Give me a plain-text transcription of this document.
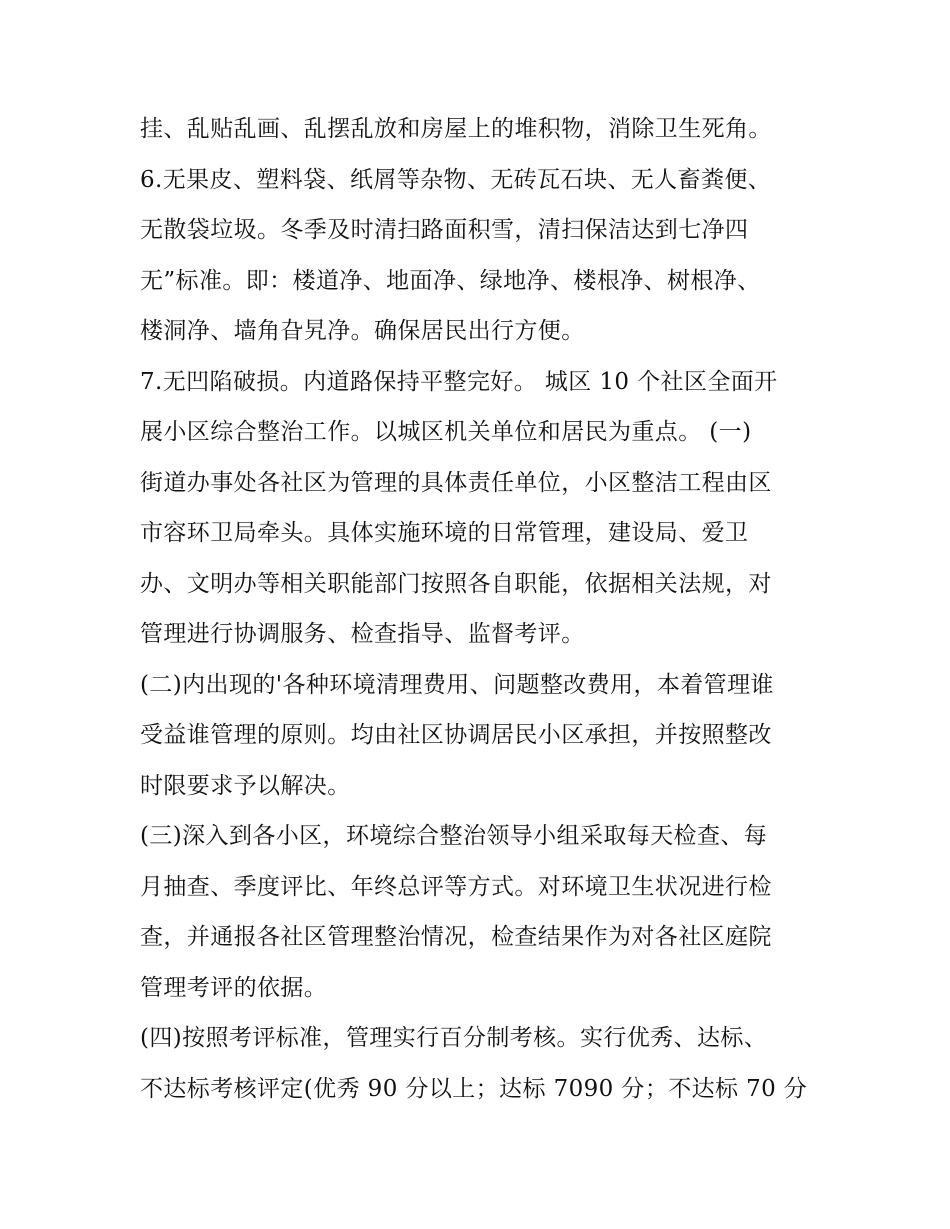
挂、乱贴乱画、乱摆乱放和房屋上的堆积物，消除卫生死角。
6.无果皮、塑料袋、纸屑等杂物、无砖瓦石块、无人畜粪便、
无散袋垃圾。冬季及时清扫路面积雪，清扫保洁达到七净四
无”标准。即：楼道净、地面净、绿地净、楼根净、树根净、
楼洞净、墙角旮旯净。确保居民出行方便。
7.无凹陷破损。内道路保持平整完好。 城区 10 个社区全面开
展小区综合整治工作。以城区机关单位和居民为重点。 (一)
街道办事处各社区为管理的具体责任单位，小区整洁工程由区
市容环卫局牵头。具体实施环境的日常管理，建设局、爱卫
办、文明办等相关职能部门按照各自职能，依据相关法规，对
管理进行协调服务、检查指导、监督考评。
(二)内出现的'各种环境清理费用、问题整改费用，本着管理谁
受益谁管理的原则。均由社区协调居民小区承担，并按照整改
时限要求予以解决。
(三)深入到各小区，环境综合整治领导小组采取每天检查、每
月抽查、季度评比、年终总评等方式。对环境卫生状况进行检
查，并通报各社区管理整治情况，检查结果作为对各社区庭院
管理考评的依据。
(四)按照考评标准，管理实行百分制考核。实行优秀、达标、
不达标考核评定(优秀 90 分以上；达标 7090 分；不达标 70 分
